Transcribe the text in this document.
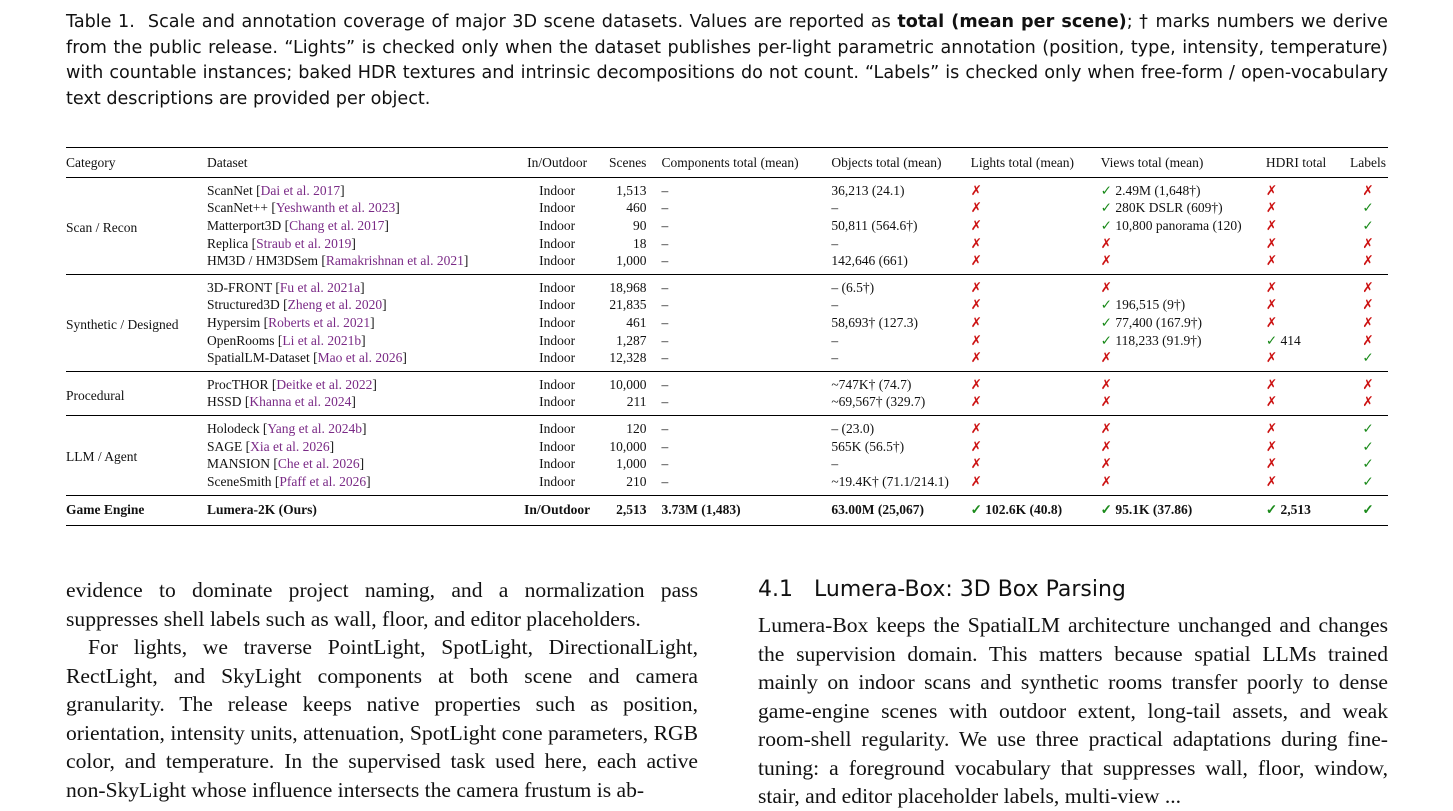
Table 1. Scale and annotation coverage of major 3D scene datasets. Values are reported as total (mean per scene); † marks numbers we derive from the public release. “Lights” is checked only when the dataset publishes per-light parametric annotation (position, type, intensity, temperature) with countable instances; baked HDR textures and intrinsic decompositions do not count. “Labels” is checked only when free-form / open-vocabulary text descriptions are provided per object.
Category	Dataset	In/Outdoor	Scenes	Components total (mean)	Objects total (mean)	Lights total (mean)	Views total (mean)	HDRI total	Labels
Scan / Recon	ScanNet [Dai et al. 2017]	Indoor	1,513	–	36,213 (24.1)	✗	✓ 2.49M (1,648†)	✗	✗
	ScanNet++ [Yeshwanth et al. 2023]	Indoor	460	–	–	✗	✓ 280K DSLR (609†)	✗	✓
	Matterport3D [Chang et al. 2017]	Indoor	90	–	50,811 (564.6†)	✗	✓ 10,800 panorama (120)	✗	✓
	Replica [Straub et al. 2019]	Indoor	18	–	–	✗	✗	✗	✗
	HM3D / HM3DSem [Ramakrishnan et al. 2021]	Indoor	1,000	–	142,646 (661)	✗	✗	✗	✗
Synthetic / Designed	3D-FRONT [Fu et al. 2021a]	Indoor	18,968	–	– (6.5†)	✗	✗	✗	✗
	Structured3D [Zheng et al. 2020]	Indoor	21,835	–	–	✗	✓ 196,515 (9†)	✗	✗
	Hypersim [Roberts et al. 2021]	Indoor	461	–	58,693† (127.3)	✗	✓ 77,400 (167.9†)	✗	✗
	OpenRooms [Li et al. 2021b]	Indoor	1,287	–	–	✗	✓ 118,233 (91.9†)	✓ 414	✗
	SpatialLM-Dataset [Mao et al. 2026]	Indoor	12,328	–	–	✗	✗	✗	✓
Procedural	ProcTHOR [Deitke et al. 2022]	Indoor	10,000	–	~747K† (74.7)	✗	✗	✗	✗
	HSSD [Khanna et al. 2024]	Indoor	211	–	~69,567† (329.7)	✗	✗	✗	✗
LLM / Agent	Holodeck [Yang et al. 2024b]	Indoor	120	–	– (23.0)	✗	✗	✗	✓
	SAGE [Xia et al. 2026]	Indoor	10,000	–	565K (56.5†)	✗	✗	✗	✓
	MANSION [Che et al. 2026]	Indoor	1,000	–	–	✗	✗	✗	✓
	SceneSmith [Pfaff et al. 2026]	Indoor	210	–	~19.4K† (71.1/214.1)	✗	✗	✗	✓
Game Engine	Lumera-2K (Ours)	In/Outdoor	2,513	3.73M (1,483)	63.00M (25,067)	✓ 102.6K (40.8)	✓ 95.1K (37.86)	✓ 2,513	✓

evidence to dominate project naming, and a normalization pass suppresses shell labels such as wall, floor, and editor placeholders.

For lights, we traverse PointLight, SpotLight, DirectionalLight, RectLight, and SkyLight components at both scene and camera granularity. The release keeps native properties such as position, orientation, intensity units, attenuation, SpotLight cone parameters, RGB color, and temperature. In the supervised task used here, each active non-SkyLight whose influence intersects the camera frustum is ab-

4.1 Lumera-Box: 3D Box Parsing

Lumera-Box keeps the SpatialLM architecture unchanged and changes the supervision domain. This matters because spatial LLMs trained mainly on indoor scans and synthetic rooms transfer poorly to dense game-engine scenes with outdoor extent, long-tail assets, and weak room-shell regularity. We use three practical adaptations during fine-tuning: a foreground vocabulary that suppresses wall, floor, window, stair, and editor placeholder labels, multi-view ...
